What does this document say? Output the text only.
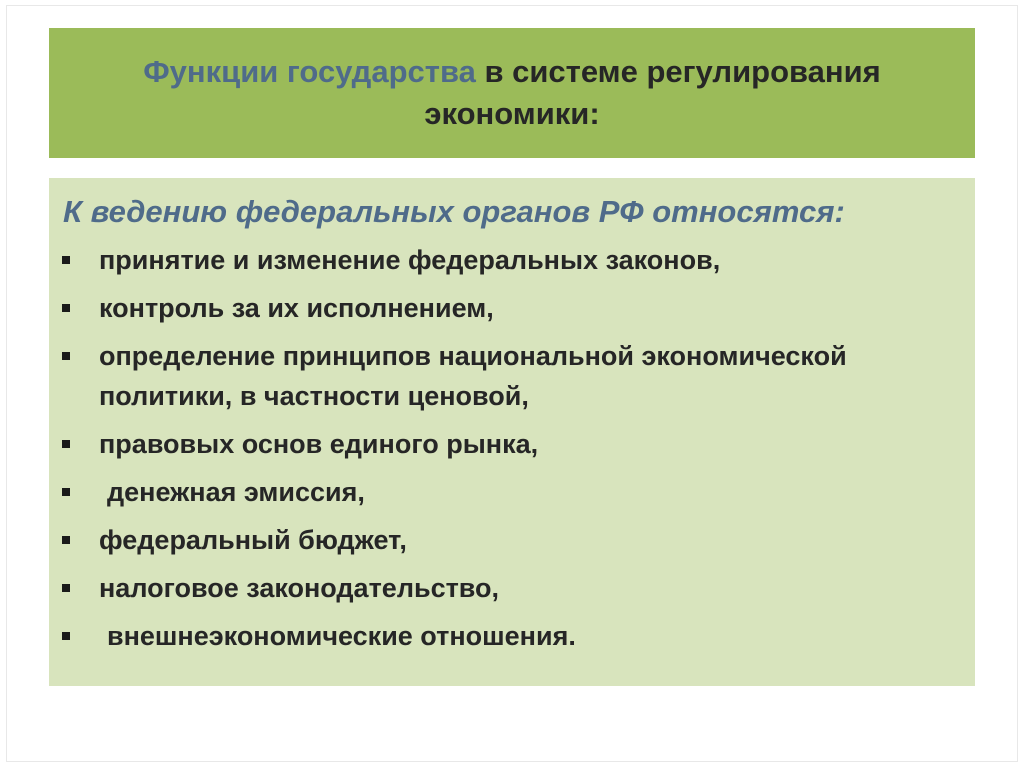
Функции государства в системе регулирования
экономики:
К ведению федеральных органов РФ относятся:
принятие и изменение федеральных законов,
контроль за их исполнением,
определение принципов национальной экономической политики, в частности ценовой,
правовых основ единого рынка,
денежная эмиссия,
федеральный бюджет,
налоговое законодательство,
внешнеэкономические отношения.
